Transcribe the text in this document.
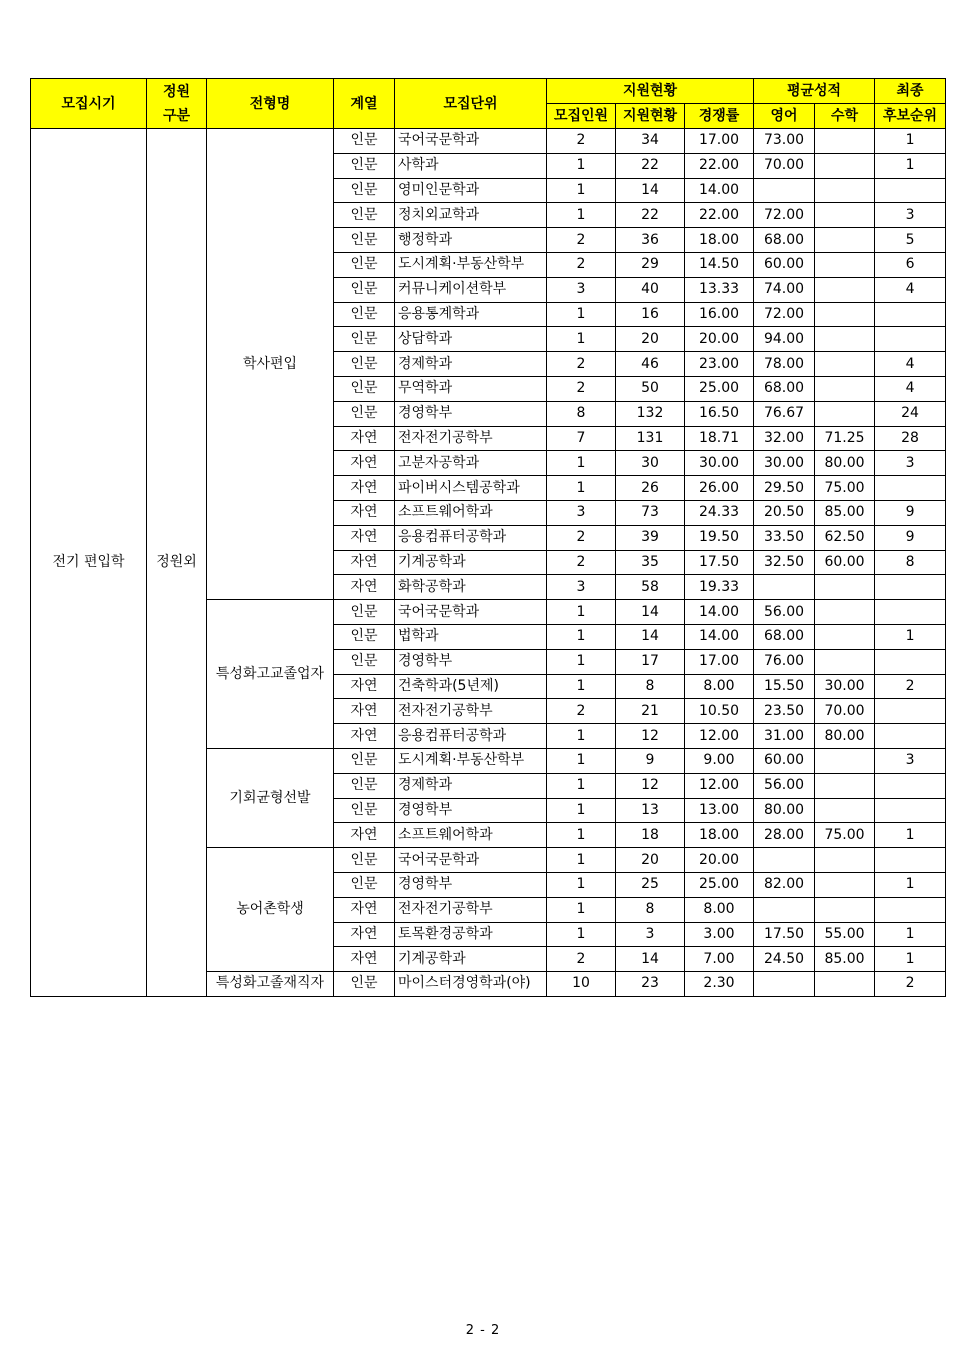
모집시기	정원
구분	전형명	계열	모집단위	지원현황			평균성적		최종
					모집인원	지원현황	경쟁률	영어	수학	후보순위
전기 편입학	정원외	학사편입	인문	국어국문학과	2	34	17.00	73.00		1
			인문	사학과	1	22	22.00	70.00		1
			인문	영미인문학과	1	14	14.00			
			인문	정치외교학과	1	22	22.00	72.00		3
			인문	행정학과	2	36	18.00	68.00		5
			인문	도시계획·부동산학부	2	29	14.50	60.00		6
			인문	커뮤니케이션학부	3	40	13.33	74.00		4
			인문	응용통계학과	1	16	16.00	72.00		
			인문	상담학과	1	20	20.00	94.00		
			인문	경제학과	2	46	23.00	78.00		4
			인문	무역학과	2	50	25.00	68.00		4
			인문	경영학부	8	132	16.50	76.67		24
			자연	전자전기공학부	7	131	18.71	32.00	71.25	28
			자연	고분자공학과	1	30	30.00	30.00	80.00	3
			자연	파이버시스템공학과	1	26	26.00	29.50	75.00	
			자연	소프트웨어학과	3	73	24.33	20.50	85.00	9
			자연	응용컴퓨터공학과	2	39	19.50	33.50	62.50	9
			자연	기계공학과	2	35	17.50	32.50	60.00	8
			자연	화학공학과	3	58	19.33			
		특성화고교졸업자	인문	국어국문학과	1	14	14.00	56.00		
			인문	법학과	1	14	14.00	68.00		1
			인문	경영학부	1	17	17.00	76.00		
			자연	건축학과(5년제)	1	8	8.00	15.50	30.00	2
			자연	전자전기공학부	2	21	10.50	23.50	70.00	
			자연	응용컴퓨터공학과	1	12	12.00	31.00	80.00	
		기회균형선발	인문	도시계획·부동산학부	1	9	9.00	60.00		3
			인문	경제학과	1	12	12.00	56.00		
			인문	경영학부	1	13	13.00	80.00		
			자연	소프트웨어학과	1	18	18.00	28.00	75.00	1
		농어촌학생	인문	국어국문학과	1	20	20.00			
			인문	경영학부	1	25	25.00	82.00		1
			자연	전자전기공학부	1	8	8.00			
			자연	토목환경공학과	1	3	3.00	17.50	55.00	1
			자연	기계공학과	2	14	7.00	24.50	85.00	1
		특성화고졸재직자	인문	마이스터경영학과(야)	10	23	2.30			2
2 - 2
